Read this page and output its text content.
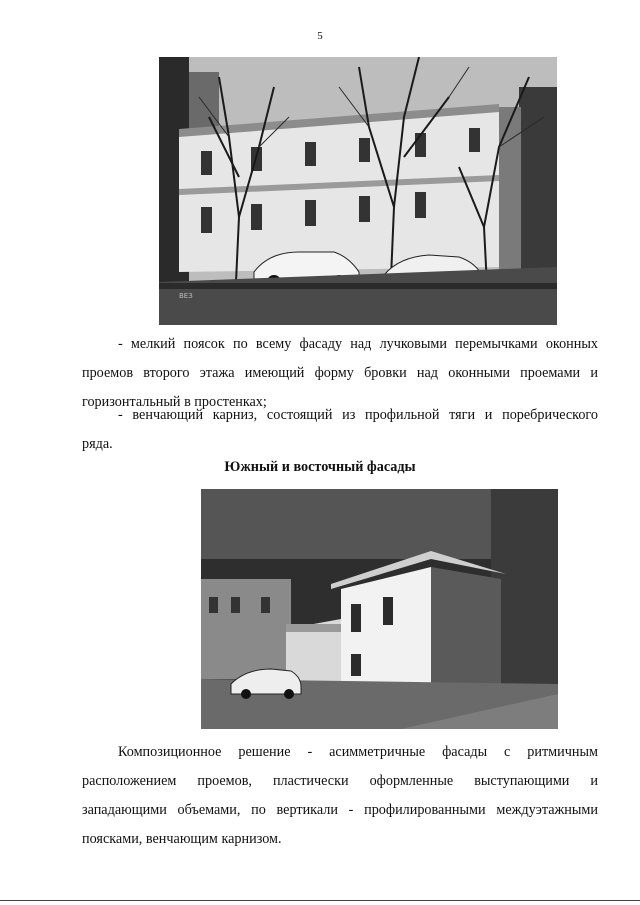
5
ВЕЗ
- мелкий поясок по всему фасаду над лучковыми перемычками оконных
проемов второго этажа имеющий форму бровки над оконными проемами и
горизонтальный в простенках;
- венчающий карниз, состоящий из профильной тяги и поребрического
ряда.
Южный и восточный фасады
Композиционное решение - асимметричные фасады с ритмичным
расположением проемов, пластически оформленные выступающими и
западающими объемами, по вертикали - профилированными междуэтажными
поясками, венчающим карнизом.
